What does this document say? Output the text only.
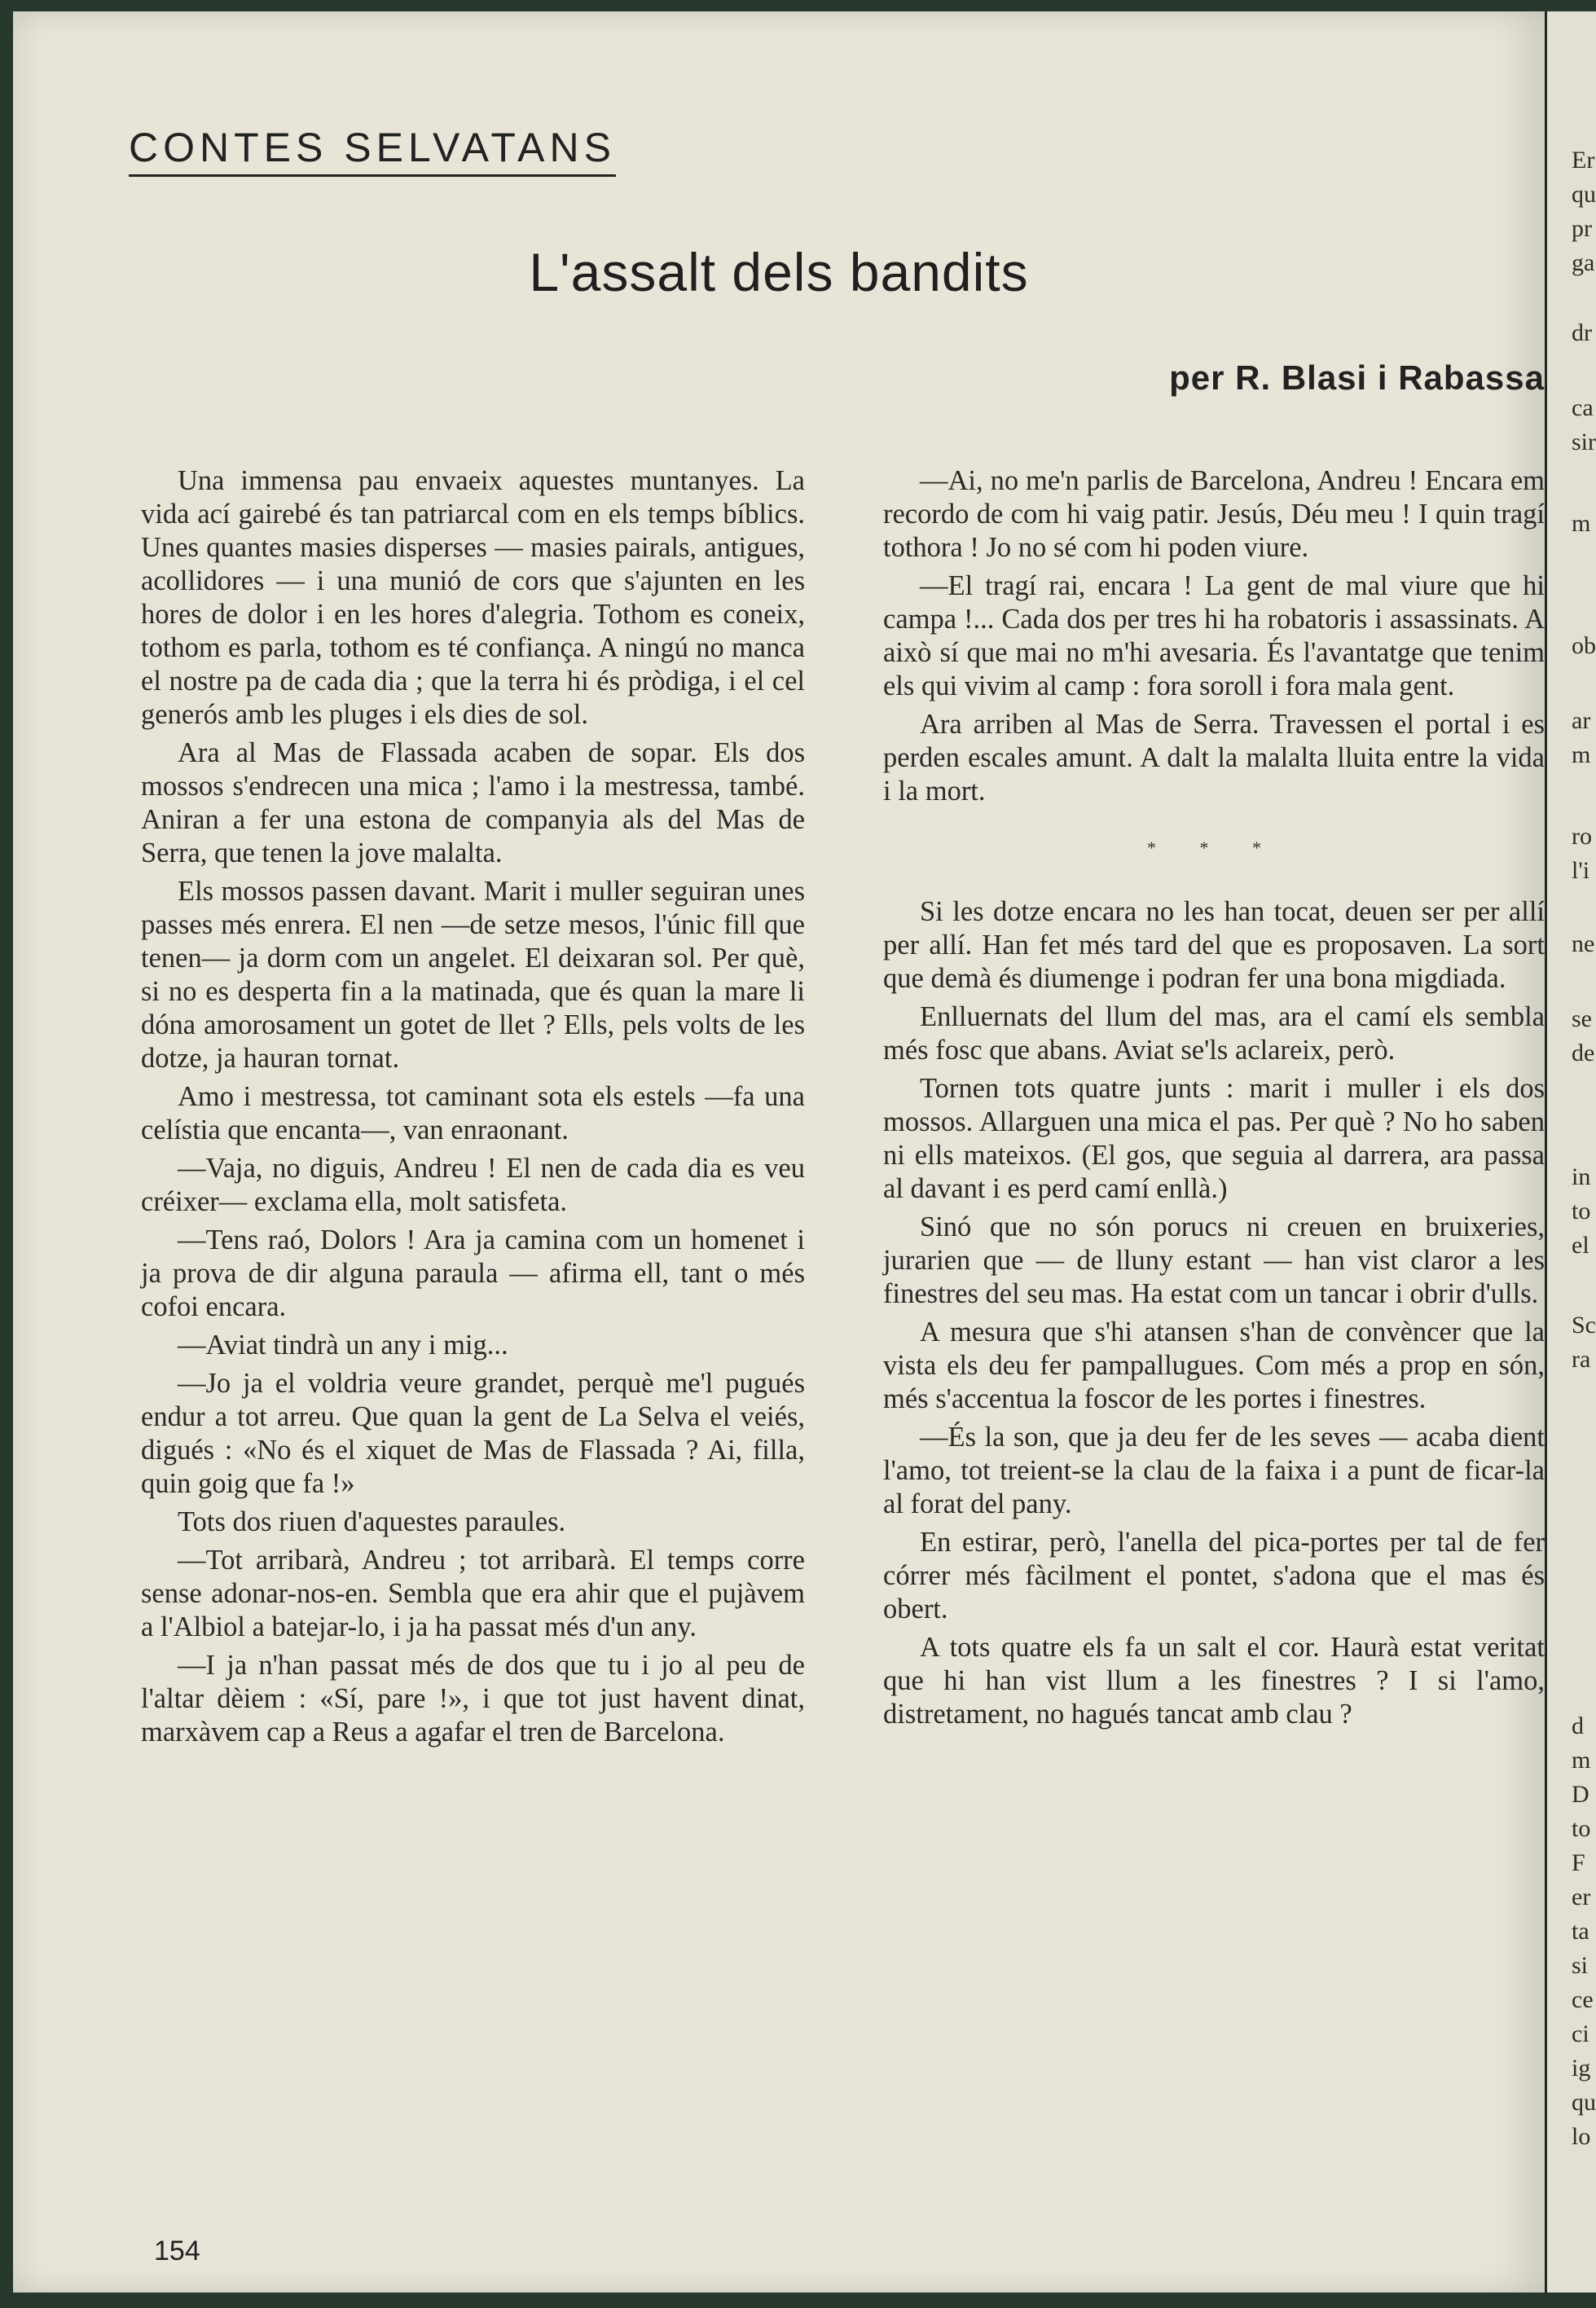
CONTES SELVATANS
L'assalt dels bandits
per R. Blasi i Rabassa

Una immensa pau envaeix aquestes muntanyes. La vida ací gairebé és tan patriarcal com en els temps bíblics. Unes quantes masies disperses — masies pairals, antigues, acollidores — i una munió de cors que s'ajunten en les hores de dolor i en les hores d'alegria. Tothom es coneix, tothom es parla, tothom es té confiança. A ningú no manca el nostre pa de cada dia ; que la terra hi és pròdiga, i el cel generós amb les pluges i els dies de sol.

Ara al Mas de Flassada acaben de sopar. Els dos mossos s'endrecen una mica ; l'amo i la mestressa, també. Aniran a fer una estona de companyia als del Mas de Serra, que tenen la jove malalta.

Els mossos passen davant. Marit i muller seguiran unes passes més enrera. El nen —de setze mesos, l'únic fill que tenen— ja dorm com un angelet. El deixaran sol. Per què, si no es desperta fin a la matinada, que és quan la mare li dóna amorosament un gotet de llet ? Ells, pels volts de les dotze, ja hauran tornat.

Amo i mestressa, tot caminant sota els estels —fa una celístia que encanta—, van enraonant.

—Vaja, no diguis, Andreu ! El nen de cada dia es veu créixer— exclama ella, molt satisfeta.

—Tens raó, Dolors ! Ara ja camina com un homenet i ja prova de dir alguna paraula — afirma ell, tant o més cofoi encara.

—Aviat tindrà un any i mig...

—Jo ja el voldria veure grandet, perquè me'l pugués endur a tot arreu. Que quan la gent de La Selva el veiés, digués : «No és el xiquet de Mas de Flassada ? Ai, filla, quin goig que fa !»

Tots dos riuen d'aquestes paraules.

—Tot arribarà, Andreu ; tot arribarà. El temps corre sense adonar-nos-en. Sembla que era ahir que el pujàvem a l'Albiol a batejar-lo, i ja ha passat més d'un any.

—I ja n'han passat més de dos que tu i jo al peu de l'altar dèiem : «Sí, pare !», i que tot just havent dinat, marxàvem cap a Reus a agafar el tren de Barcelona.

—Ai, no me'n parlis de Barcelona, Andreu ! Encara em recordo de com hi vaig patir. Jesús, Déu meu ! I quin tragí tothora ! Jo no sé com hi poden viure.

—El tragí rai, encara ! La gent de mal viure que hi campa !... Cada dos per tres hi ha robatoris i assassinats. A això sí que mai no m'hi avesaria. És l'avantatge que tenim els qui vivim al camp : fora soroll i fora mala gent.

Ara arriben al Mas de Serra. Travessen el portal i es perden escales amunt. A dalt la malalta lluita entre la vida i la mort.

* * *

Si les dotze encara no les han tocat, deuen ser per allí per allí. Han fet més tard del que es proposaven. La sort que demà és diumenge i podran fer una bona migdiada.

Enlluernats del llum del mas, ara el camí els sembla més fosc que abans. Aviat se'ls aclareix, però.

Tornen tots quatre junts : marit i muller i els dos mossos. Allarguen una mica el pas. Per què ? No ho saben ni ells mateixos. (El gos, que seguia al darrera, ara passa al davant i es perd camí enllà.)

Sinó que no són porucs ni creuen en bruixeries, jurarien que — de lluny estant — han vist claror a les finestres del seu mas. Ha estat com un tancar i obrir d'ulls.

A mesura que s'hi atansen s'han de convèncer que la vista els deu fer pampallugues. Com més a prop en són, més s'accentua la foscor de les portes i finestres.

—És la son, que ja deu fer de les seves — acaba dient l'amo, tot treient-se la clau de la faixa i a punt de ficar-la al forat del pany.

En estirar, però, l'anella del pica-portes per tal de fer córrer més fàcilment el pontet, s'adona que el mas és obert.

A tots quatre els fa un salt el cor. Haurà estat veritat que hi han vist llum a les finestres ? I si l'amo, distretament, no hagués tancat amb clau ?

154
Er
qu
pr
ga
dr
ca
sir
m
ob
ar
m
ro
l'i
ne
se
de
in
to
el
Sc
ra
d
m
D
to
F
er
ta
si
ce
ci
ig
qu
lo
